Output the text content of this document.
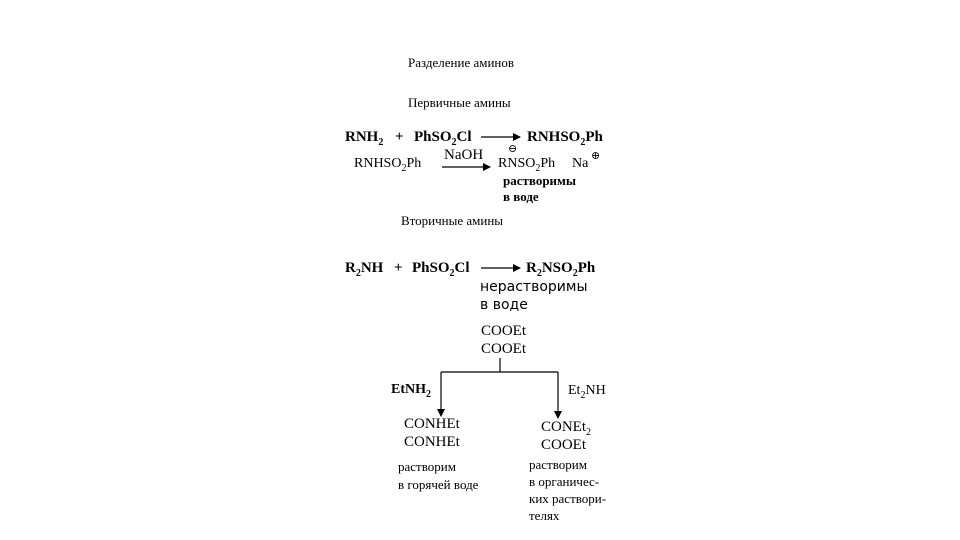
Разделение аминов
Первичные амины
Вторичные амины
$RNH_2$ + PhSO$_2$Cl	$RNHSO_2Ph$
$RNHSO_2Ph$
NaOH ⊖
$RNSO_2Ph$ Na ⊕
растворимы
в воде
$R_2NH$ + PhSO$_2$Cl	$R_2NSO_2Ph$
нерастворимы
в воде
COOEt
COOEt
EtNH$_2$	$Et_2NH$
CONHEt
CONHEt
растворим
в горячей воде
CONEt$_2$
COOEt
растворим
в органичес-
ких раствори-
телях
